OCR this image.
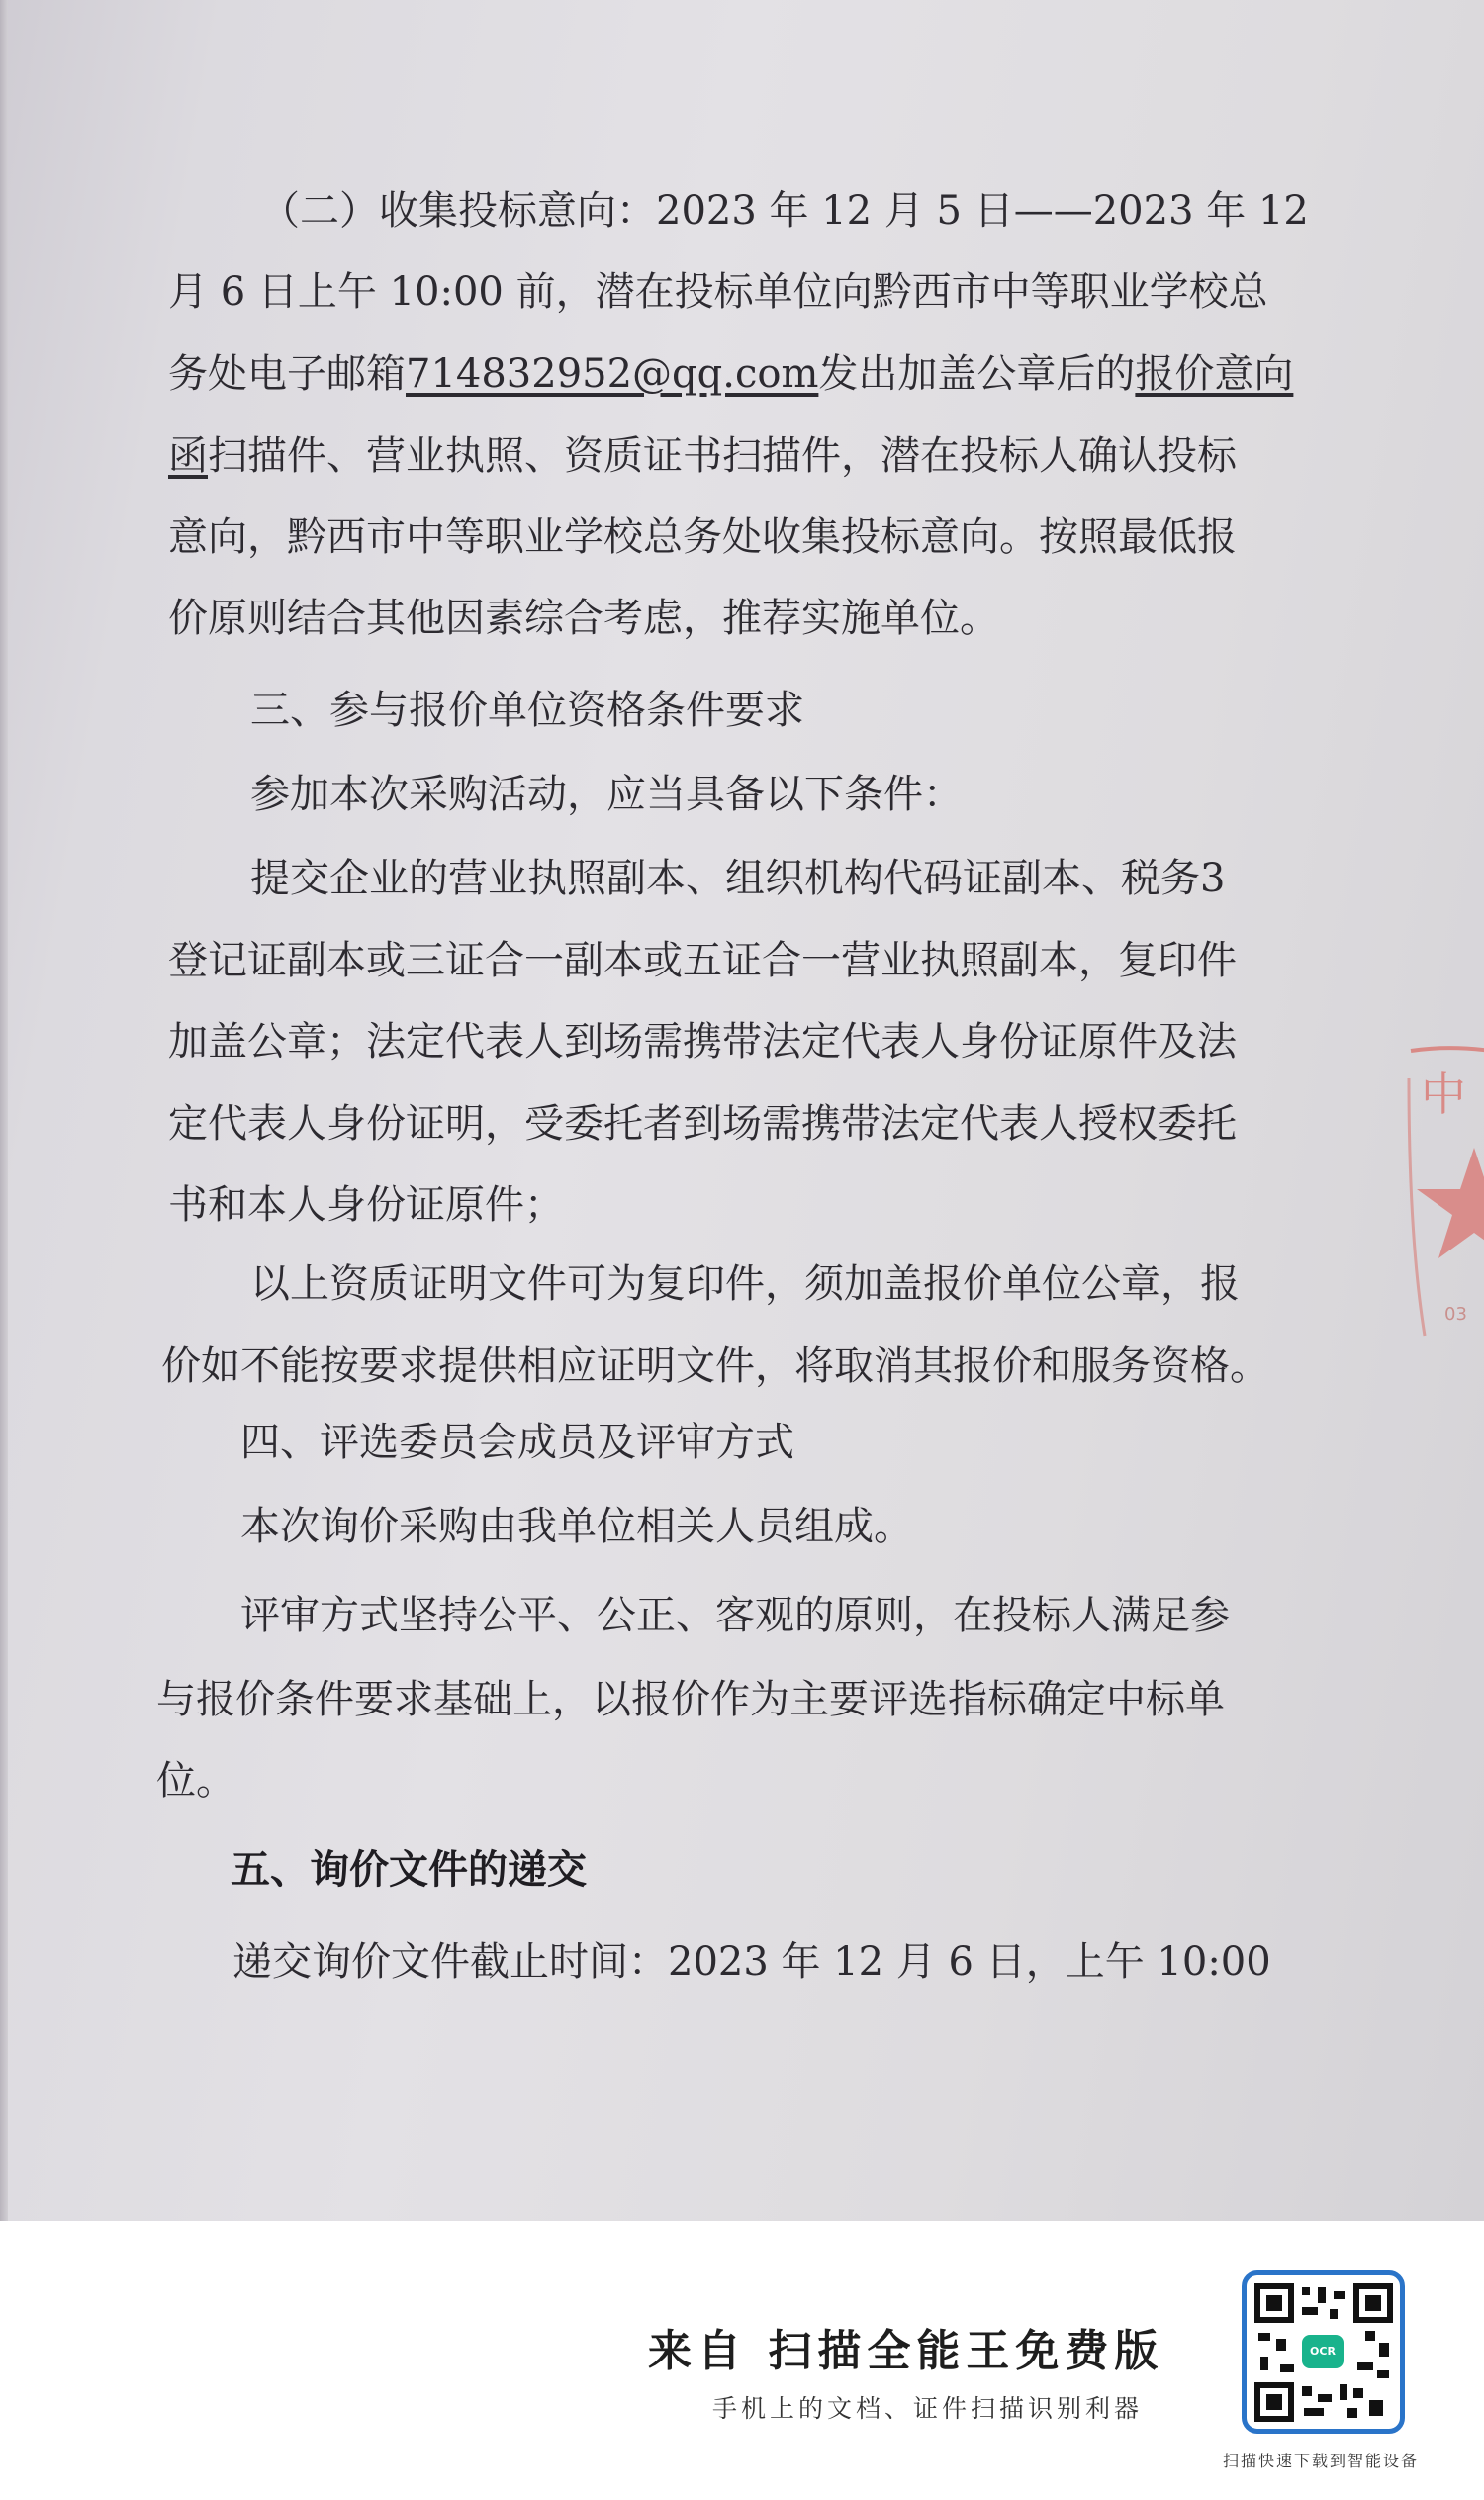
（二）收集投标意向：2023 年 12 月 5 日——2023 年 12
月 6 日上午 10:00 前，潜在投标单位向黔西市中等职业学校总
务处电子邮箱714832952@qq.com发出加盖公章后的报价意向
函扫描件、营业执照、资质证书扫描件，潜在投标人确认投标
意向，黔西市中等职业学校总务处收集投标意向。按照最低报
价原则结合其他因素综合考虑，推荐实施单位。
三、参与报价单位资格条件要求
参加本次采购活动，应当具备以下条件：
提交企业的营业执照副本、组织机构代码证副本、税务3
登记证副本或三证合一副本或五证合一营业执照副本，复印件
加盖公章；法定代表人到场需携带法定代表人身份证原件及法
定代表人身份证明，受委托者到场需携带法定代表人授权委托
书和本人身份证原件；
以上资质证明文件可为复印件，须加盖报价单位公章，报
价如不能按要求提供相应证明文件，将取消其报价和服务资格。
四、评选委员会成员及评审方式
本次询价采购由我单位相关人员组成。
评审方式坚持公平、公正、客观的原则，在投标人满足参
与报价条件要求基础上，以报价作为主要评选指标确定中标单
位。
五、询价文件的递交
递交询价文件截止时间：2023 年 12 月 6 日，上午 10:00
中
03
来自 扫描全能王免费版
手机上的文档、证件扫描识别利器
OCR
扫描快速下载到智能设备
